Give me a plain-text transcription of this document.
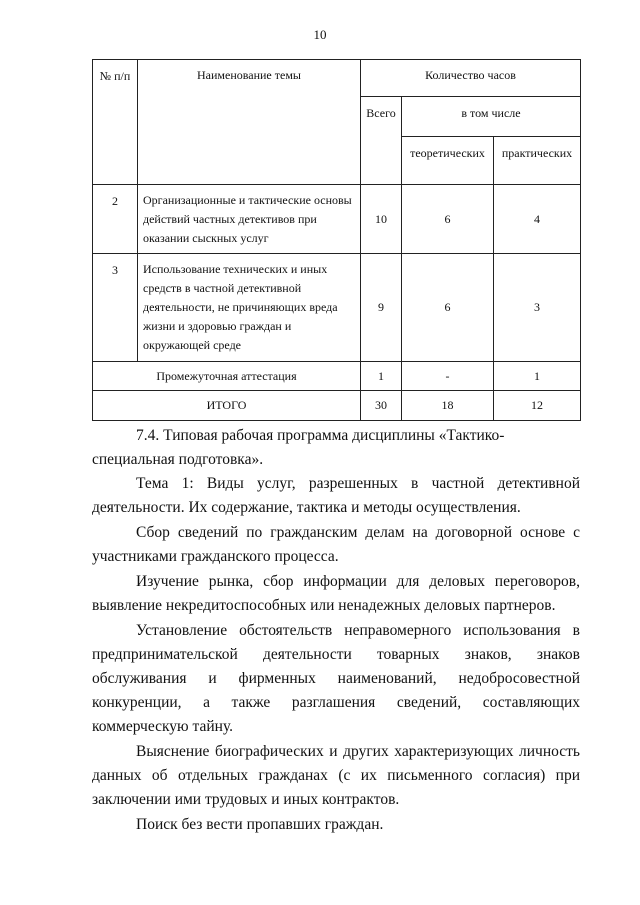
10
№ п/п	Наименование темы	Количество часов		
		Всего	в том числе	
			теоретических	практических
2	Организационные и тактические основы действий частных детективов при оказании сыскных услуг	10	6	4
3	Использование технических и иных средств в частной детективной деятельности, не причиняющих вреда жизни и здоровью граждан и окружающей среде	9	6	3
Промежуточная аттестация		1	-	1
ИТОГО		30	18	12

7.4. Типовая рабочая программа дисциплины «Тактико-специальная подготовка».

Тема 1: Виды услуг, разрешенных в частной детективной деятельности. Их содержание, тактика и методы осуществления.

Сбор сведений по гражданским делам на договорной основе с участниками гражданского процесса.

Изучение рынка, сбор информации для деловых переговоров, выявление некредитоспособных или ненадежных деловых партнеров.

Установление обстоятельств неправомерного использования в предпринимательской деятельности товарных знаков, знаков обслуживания и фирменных наименований, недобросовестной конкуренции, а также разглашения сведений, составляющих коммерческую тайну.

Выяснение биографических и других характеризующих личность данных об отдельных гражданах (с их письменного согласия) при заключении ими трудовых и иных контрактов.

Поиск без вести пропавших граждан.
